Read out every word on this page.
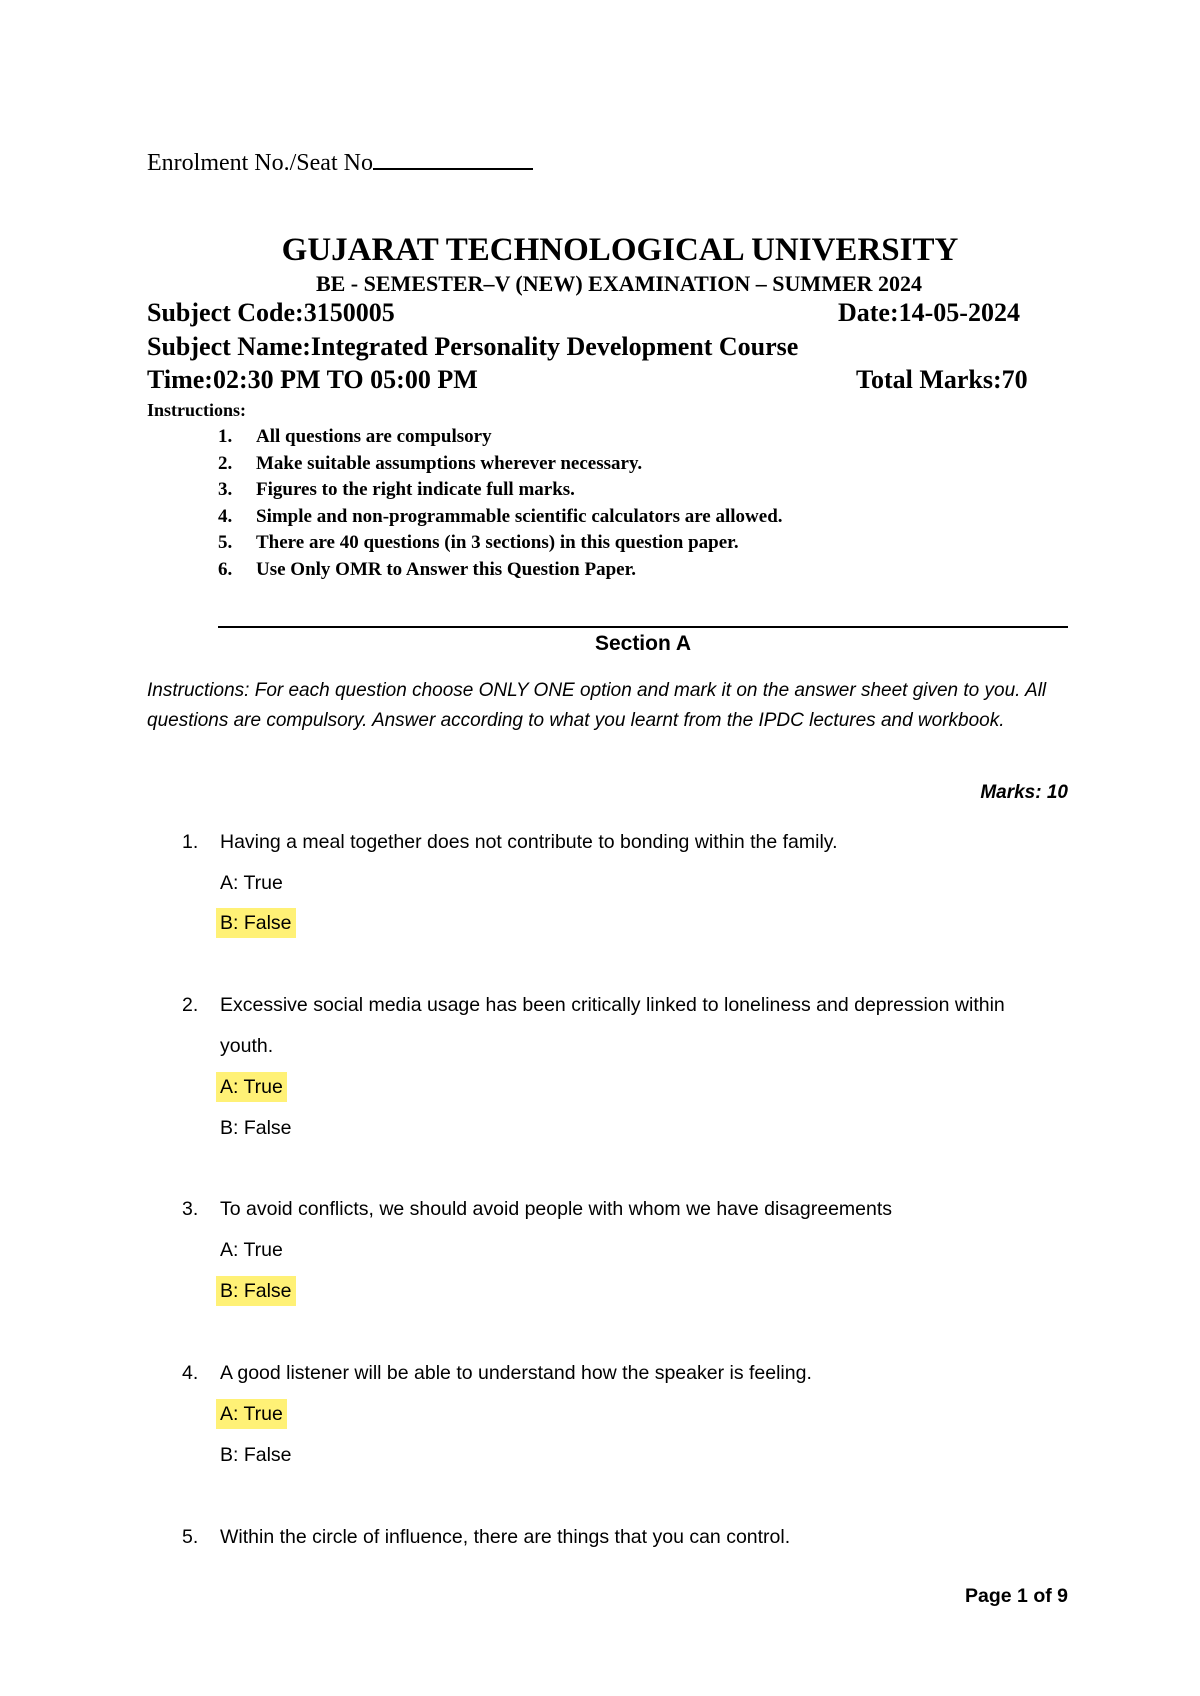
Enrolment No./Seat No
GUJARAT TECHNOLOGICAL UNIVERSITY
BE - SEMESTER–V (NEW) EXAMINATION – SUMMER 2024
Subject Code:3150005	Date:14-05-2024
Subject Name:Integrated Personality Development Course
Time:02:30 PM TO 05:00 PM	Total Marks:70
Instructions:
1. All questions are compulsory
2. Make suitable assumptions wherever necessary.
3. Figures to the right indicate full marks.
4. Simple and non-programmable scientific calculators are allowed.
5. There are 40 questions (in 3 sections) in this question paper.
6. Use Only OMR to Answer this Question Paper.
Section A
Instructions: For each question choose ONLY ONE option and mark it on the answer sheet given to you. All questions are compulsory. Answer according to what you learnt from the IPDC lectures and workbook.
Marks: 10
1. Having a meal together does not contribute to bonding within the family.
A: True
B: False
2. Excessive social media usage has been critically linked to loneliness and depression within youth.
A: True
B: False
3. To avoid conflicts, we should avoid people with whom we have disagreements
A: True
B: False
4. A good listener will be able to understand how the speaker is feeling.
A: True
B: False
5. Within the circle of influence, there are things that you can control.
Page 1 of 9
